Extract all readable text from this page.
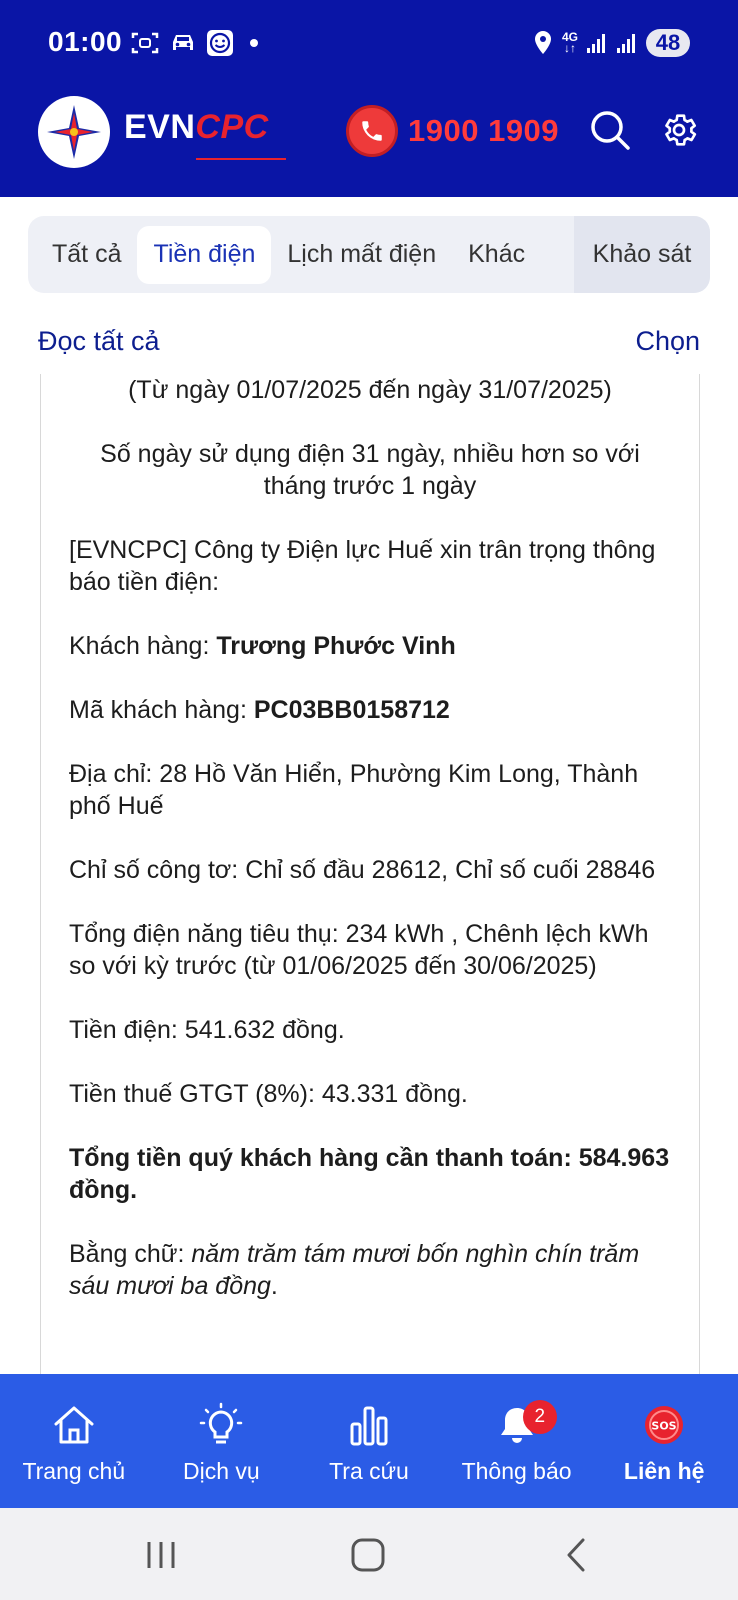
01:00	4G
↓↑	48
EVNCPC	1900 1909
Tất cả	Tiền điện	Lịch mất điện	Khác	Khảo sát
Đọc tất cả	Chọn
(Từ ngày 01/07/2025 đến ngày 31/07/2025)
Số ngày sử dụng điện 31 ngày, nhiều hơn so với tháng trước 1 ngày
[EVNCPC] Công ty Điện lực Huế xin trân trọng thông báo tiền điện:
Khách hàng: Trương Phước Vinh
Mã khách hàng: PC03BB0158712
Địa chỉ: 28 Hồ Văn Hiển, Phường Kim Long, Thành phố Huế
Chỉ số công tơ: Chỉ số đầu 28612, Chỉ số cuối 28846
Tổng điện năng tiêu thụ: 234 kWh , Chênh lệch kWh so với kỳ trước (từ 01/06/2025 đến 30/06/2025)
Tiền điện: 541.632 đồng.
Tiền thuế GTGT (8%): 43.331 đồng.
Tổng tiền quý khách hàng cần thanh toán: 584.963 đồng.
Bằng chữ: năm trăm tám mươi bốn nghìn chín trăm sáu mươi ba đồng.
Trang chủ	Dịch vụ	Tra cứu
2
Thông báo
SOS
Liên hệ
